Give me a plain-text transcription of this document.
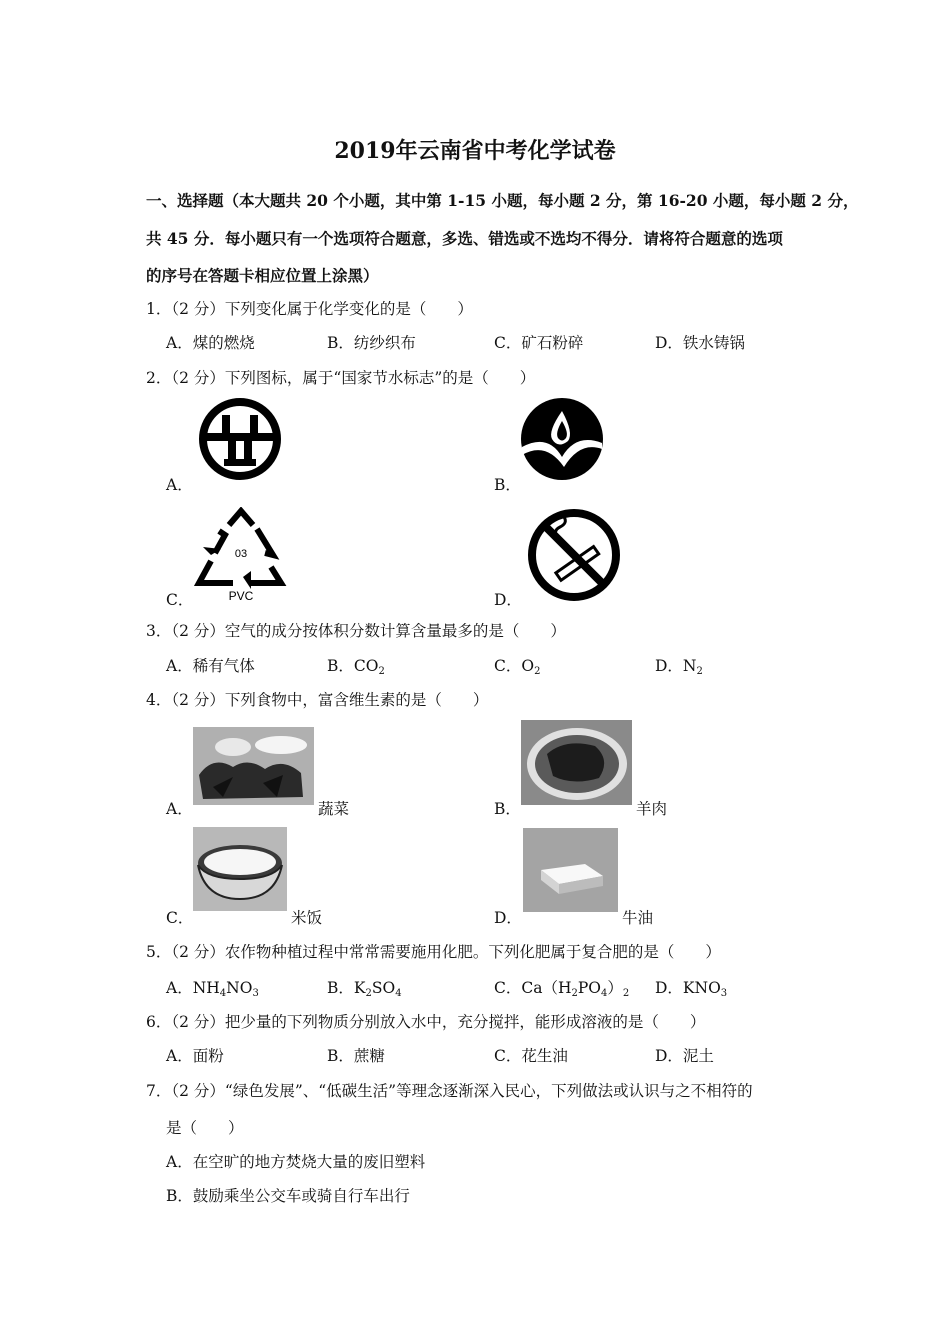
2019年云南省中考化学试卷
一、选择题（本大题共 20 个小题，其中第 1-15 小题，每小题 2 分，第 16-20 小题，每小题 2 分，
共 45 分．每小题只有一个选项符合题意，多选、错选或不选均不得分．请将符合题意的选项
的序号在答题卡相应位置上涂黑）
1．（2 分）下列变化属于化学变化的是（　　）
A．煤的燃烧	B．纺纱织布	C．矿石粉碎	D．铁水铸锅
2．（2 分）下列图标，属于“国家节水标志”的是（　　）
A．	B．
C．
03
PVC	D．
3．（2 分）空气的成分按体积分数计算含量最多的是（　　）
A．稀有气体	B．$CO_2$	C．$O_2$	D．$N_2$
4．（2 分）下列食物中，富含维生素的是（　　）
A．	蔬菜	B．	羊肉
C．	米饭	D．	牛油
5．（2 分）农作物种植过程中常常需要施用化肥。下列化肥属于复合肥的是（　　）
A．$NH_4NO_3$	B．$K_2SO_4$	C．$Ca(H_2PO_4)_2$ D．$KNO_3$
6．（2 分）把少量的下列物质分别放入水中，充分搅拌，能形成溶液的是（　　）
A．面粉	B．蔗糖	C．花生油	D．泥土
7．（2 分）“绿色发展”、“低碳生活”等理念逐渐深入民心，下列做法或认识与之不相符的
是（　　）
A．在空旷的地方焚烧大量的废旧塑料
B．鼓励乘坐公交车或骑自行车出行
